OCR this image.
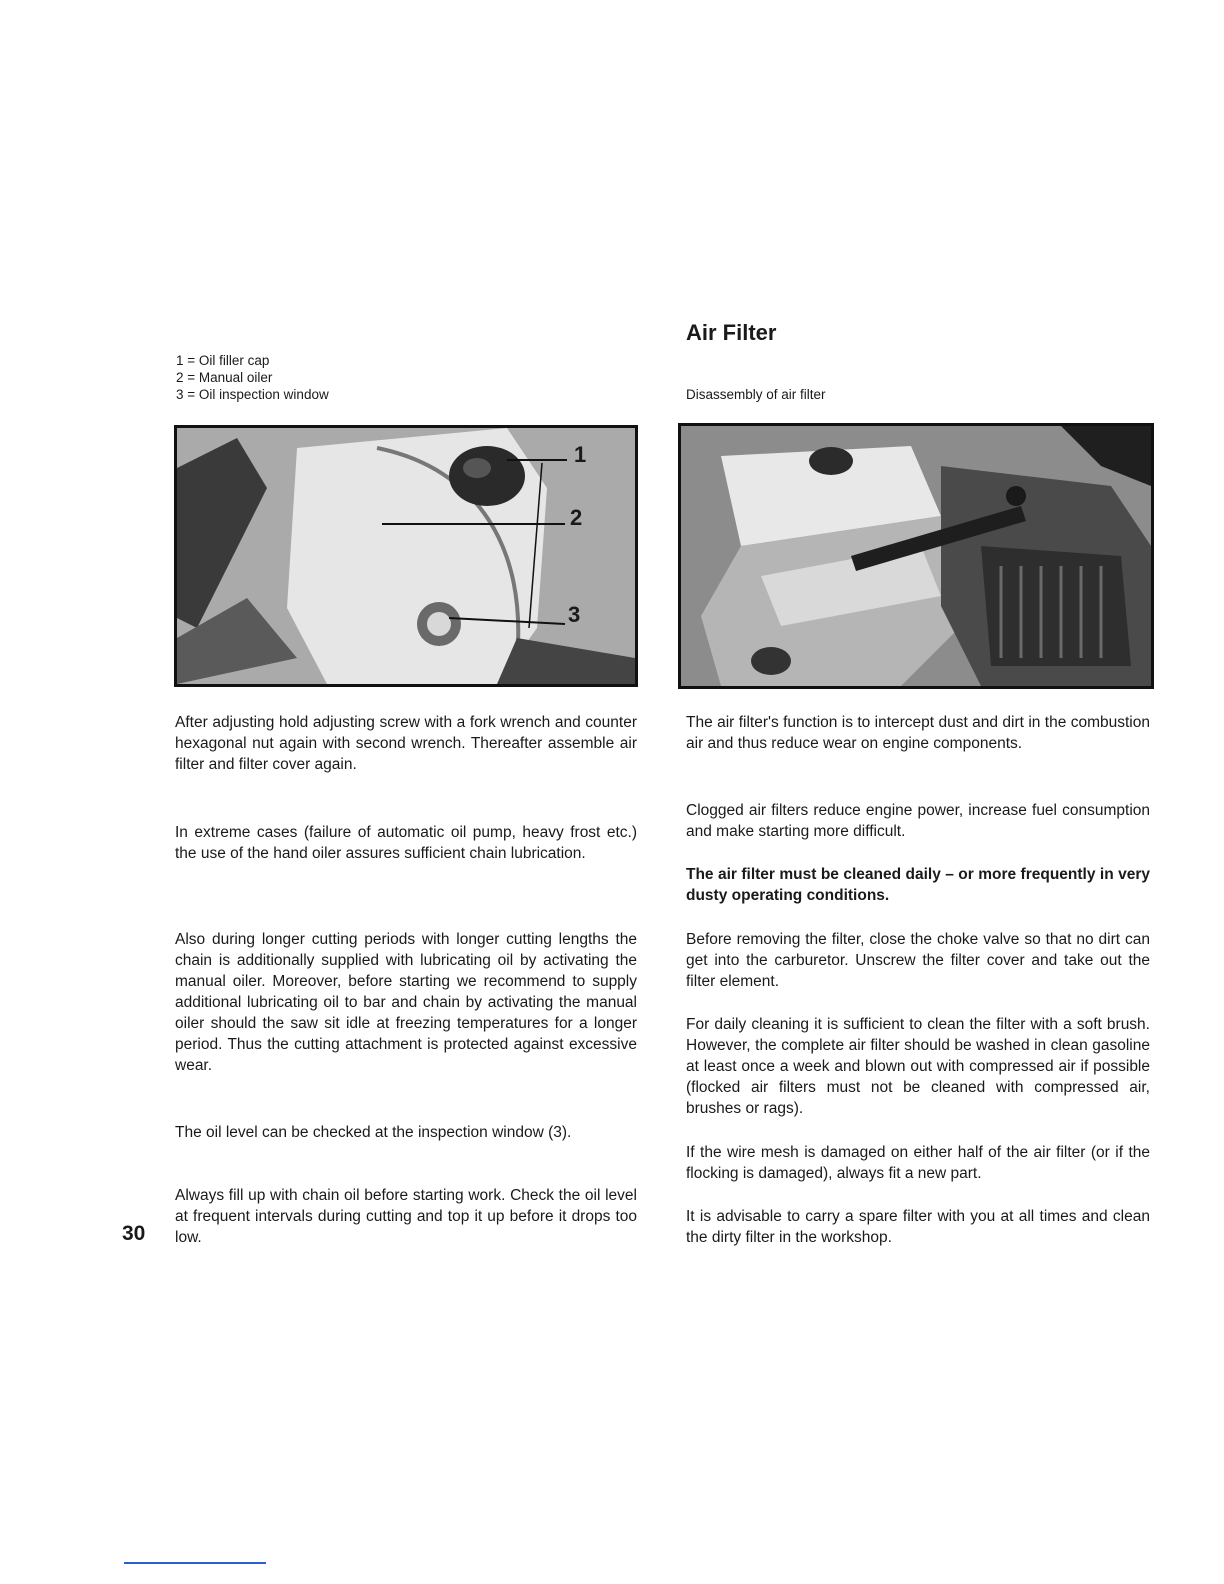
1 = Oil filler cap
2 = Manual oiler
3 = Oil inspection window
1
2
3
After adjusting hold adjusting screw with a fork wrench and counter hexagonal nut again with second wrench. Thereafter assemble air filter and filter cover again.
In extreme cases (failure of automatic oil pump, heavy frost etc.) the use of the hand oiler assures sufficient chain lubrication.
Also during longer cutting periods with longer cutting lengths the chain is additionally supplied with lubricating oil by activating the manual oiler. Moreover, before starting we recommend to supply additional lubricating oil to bar and chain by activating the manual oiler should the saw sit idle at freezing temperatures for a longer period. Thus the cutting attachment is protected against excessive wear.
The oil level can be checked at the inspection window (3).
Always fill up with chain oil before starting work. Check the oil level at frequent intervals during cutting and top it up before it drops too low.
30
Air Filter
Disassembly of air filter
The air filter's function is to intercept dust and dirt in the combustion air and thus reduce wear on engine components.
Clogged air filters reduce engine power, increase fuel consumption and make starting more difficult.
The air filter must be cleaned daily – or more frequently in very dusty operating conditions.
Before removing the filter, close the choke valve so that no dirt can get into the carburetor. Unscrew the filter cover and take out the filter element.
For daily cleaning it is sufficient to clean the filter with a soft brush. However, the complete air filter should be washed in clean gasoline at least once a week and blown out with compressed air if possible (flocked air filters must not be cleaned with compressed air, brushes or rags).
If the wire mesh is damaged on either half of the air filter (or if the flocking is damaged), always fit a new part.
It is advisable to carry a spare filter with you at all times and clean the dirty filter in the workshop.
